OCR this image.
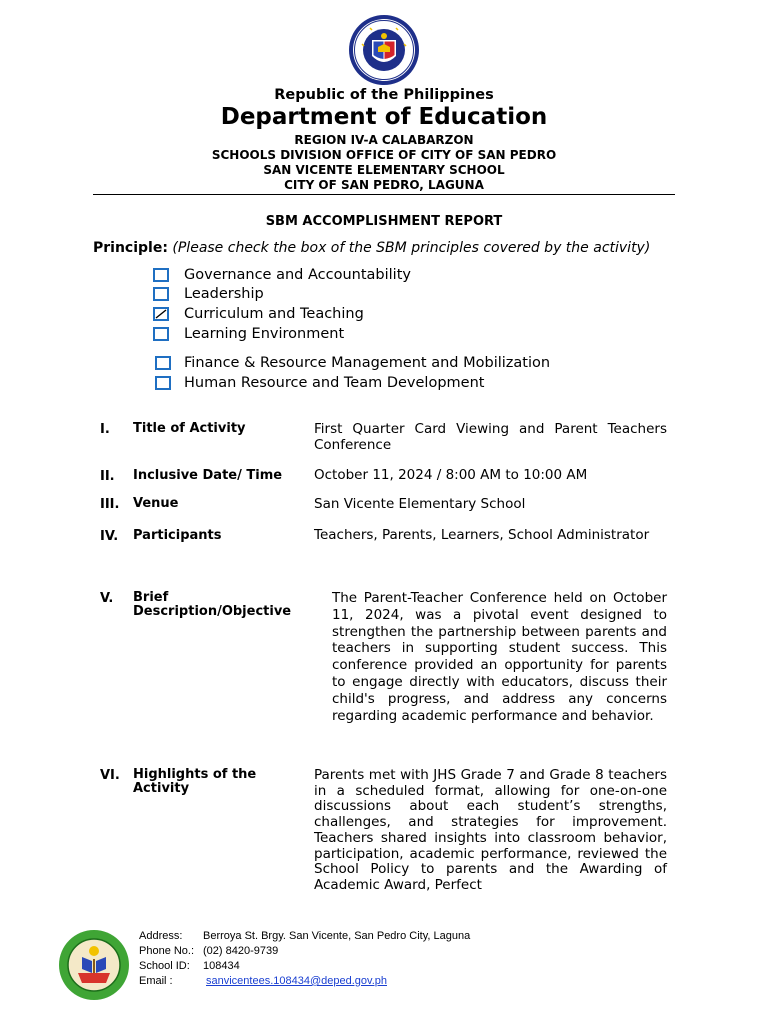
Republic of the Philippines
Department of Education
REGION IV-A CALABARZON
SCHOOLS DIVISION OFFICE OF CITY OF SAN PEDRO
SAN VICENTE ELEMENTARY SCHOOL
CITY OF SAN PEDRO, LAGUNA
SBM ACCOMPLISHMENT REPORT
Principle: (Please check the box of the SBM principles covered by the activity)
Governance and Accountability
Leadership
Curriculum and Teaching
Learning Environment
Finance & Resource Management and Mobilization
Human Resource and Team Development
I. Title of Activity	First Quarter Card Viewing and Parent Teachers Conference
II. Inclusive Date/ Time	October 11, 2024 / 8:00 AM to 10:00 AM
III. Venue	San Vicente Elementary School
IV. Participants	Teachers, Parents, Learners, School Administrator
V. Brief Description/Objective
The Parent-Teacher Conference held on October 11, 2024, was a pivotal event designed to strengthen the partnership between parents and teachers in supporting student success. This conference provided an opportunity for parents to engage directly with educators, discuss their child's progress, and address any concerns regarding academic performance and behavior.
VI. Highlights of the Activity
Parents met with JHS Grade 7 and Grade 8 teachers in a scheduled format, allowing for one-on-one discussions about each student’s strengths, challenges, and strategies for improvement. Teachers shared insights into classroom behavior, participation, academic performance, reviewed the School Policy to parents and the Awarding of Academic Award, Perfect
Address: Berroya St. Brgy. San Vicente, San Pedro City, Laguna
Phone No.: (02) 8420-9739
School ID: 108434
Email :	sanvicentees.108434@deped.gov.ph
